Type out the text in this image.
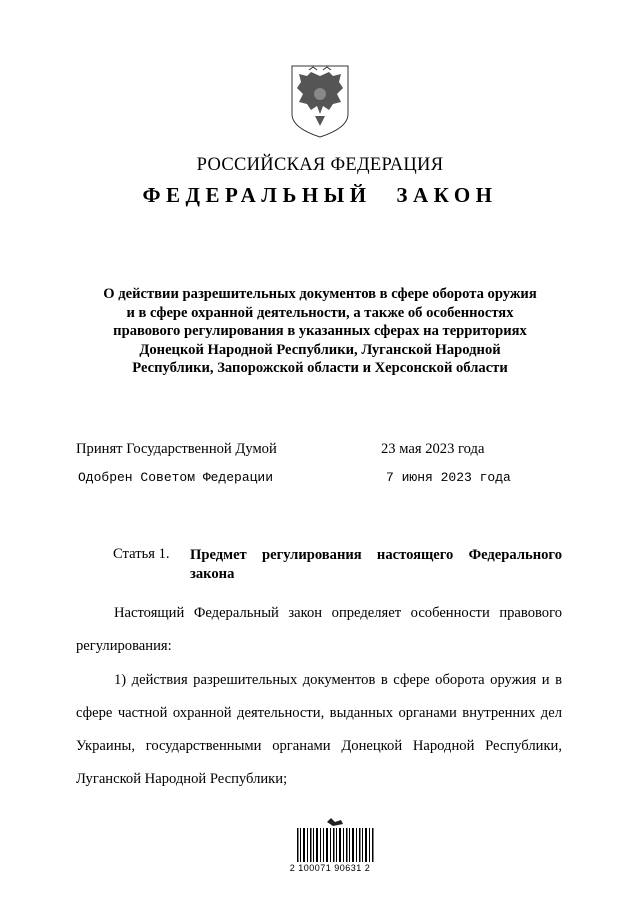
РОССИЙСКАЯ ФЕДЕРАЦИЯ
ФЕДЕРАЛЬНЫЙ ЗАКОН
О действии разрешительных документов в сфере оборота оружия и в сфере охранной деятельности, а также об особенностях правового регулирования в указанных сферах на территориях Донецкой Народной Республики, Луганской Народной Республики, Запорожской области и Херсонской области
Принят Государственной Думой	23 мая 2023 года
Одобрен Советом Федерации	7 июня 2023 года
Статья 1. Предмет регулирования настоящего Федерального закона

Настоящий Федеральный закон определяет особенности правового регулирования:

1) действия разрешительных документов в сфере оборота оружия и в сфере частной охранной деятельности, выданных органами внутренних дел Украины, государственными органами Донецкой Народной Республики, Луганской Народной Республики;

2 100071 90631 2
